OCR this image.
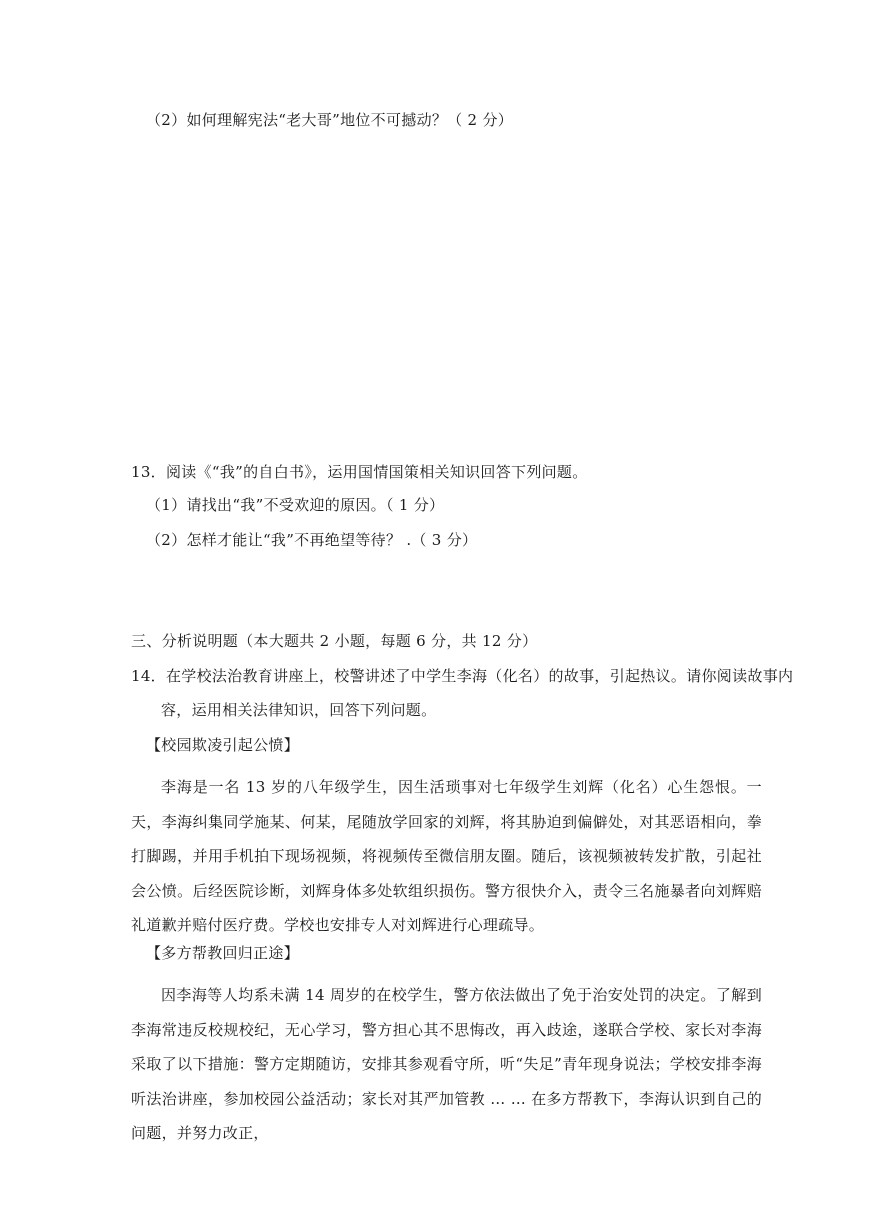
（2）如何理解宪法“老大哥”地位不可撼动？（ 2 分）
13．阅读《“我”的自白书》，运用国情国策相关知识回答下列问题。
（1）请找出“我”不受欢迎的原因。（ 1 分）
（2）怎样才能让“我”不再绝望等待？ .（ 3 分）
三、分析说明题（本大题共 2 小题，每题 6 分，共 12 分）
14．在学校法治教育讲座上，校警讲述了中学生李海（化名）的故事，引起热议。请你阅读故事内
容，运用相关法律知识，回答下列问题。
【校园欺凌引起公愤】
李海是一名 13 岁的八年级学生，因生活琐事对七年级学生刘辉（化名）心生怨恨。一天，李海纠集同学施某、何某，尾随放学回家的刘辉，将其胁迫到偏僻处，对其恶语相向，拳打脚踢，并用手机拍下现场视频，将视频传至微信朋友圈。随后，该视频被转发扩散，引起社会公愤。后经医院诊断，刘辉身体多处软组织损伤。警方很快介入，责令三名施暴者向刘辉赔礼道歉并赔付医疗费。学校也安排专人对刘辉进行心理疏导。
【多方帮教回归正途】
因李海等人均系未满 14 周岁的在校学生，警方依法做出了免于治安处罚的决定。了解到李海常违反校规校纪，无心学习，警方担心其不思悔改，再入歧途，遂联合学校、家长对李海采取了以下措施：警方定期随访，安排其参观看守所，听“失足”青年现身说法；学校安排李海听法治讲座，参加校园公益活动；家长对其严加管教 … … 在多方帮教下，李海认识到自己的问题，并努力改正，
